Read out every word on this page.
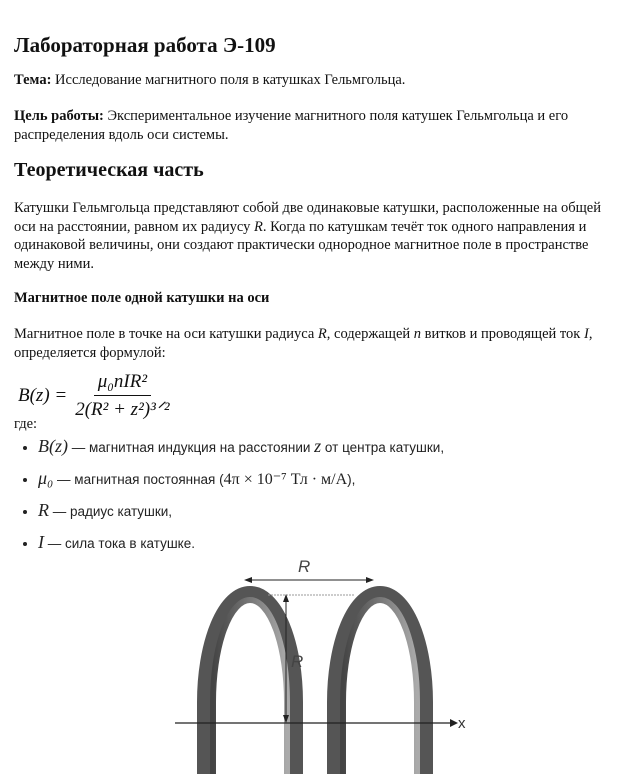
Лабораторная работа Э-109

Тема: Исследование магнитного поля в катушках Гельмгольца.

Цель работы: Экспериментальное изучение магнитного поля катушек Гельмгольца и его распределения вдоль оси системы.

Теоретическая часть

Катушки Гельмгольца представляют собой две одинаковые катушки, расположенные на общей оси на расстоянии, равном их радиусу R. Когда по катушкам течёт ток одного направления и одинаковой величины, они создают практически однородное магнитное поле в пространстве между ними.

Магнитное поле одной катушки на оси

Магнитное поле в точке на оси катушки радиуса R, содержащей n витков и проводящей ток I, определяется формулой:

$B(z) = \frac{\text{μ₀nIR²}}{\text{2(R² + z²)³ᐟ²}}$

где:

• B(z) — магнитная индукция на расстоянии z от центра катушки,
• μ₀ — магнитная постоянная (4π × 10⁻⁷ Тл · м/А),
• R — радиус катушки,
• I — сила тока в катушке.
x
R
R
